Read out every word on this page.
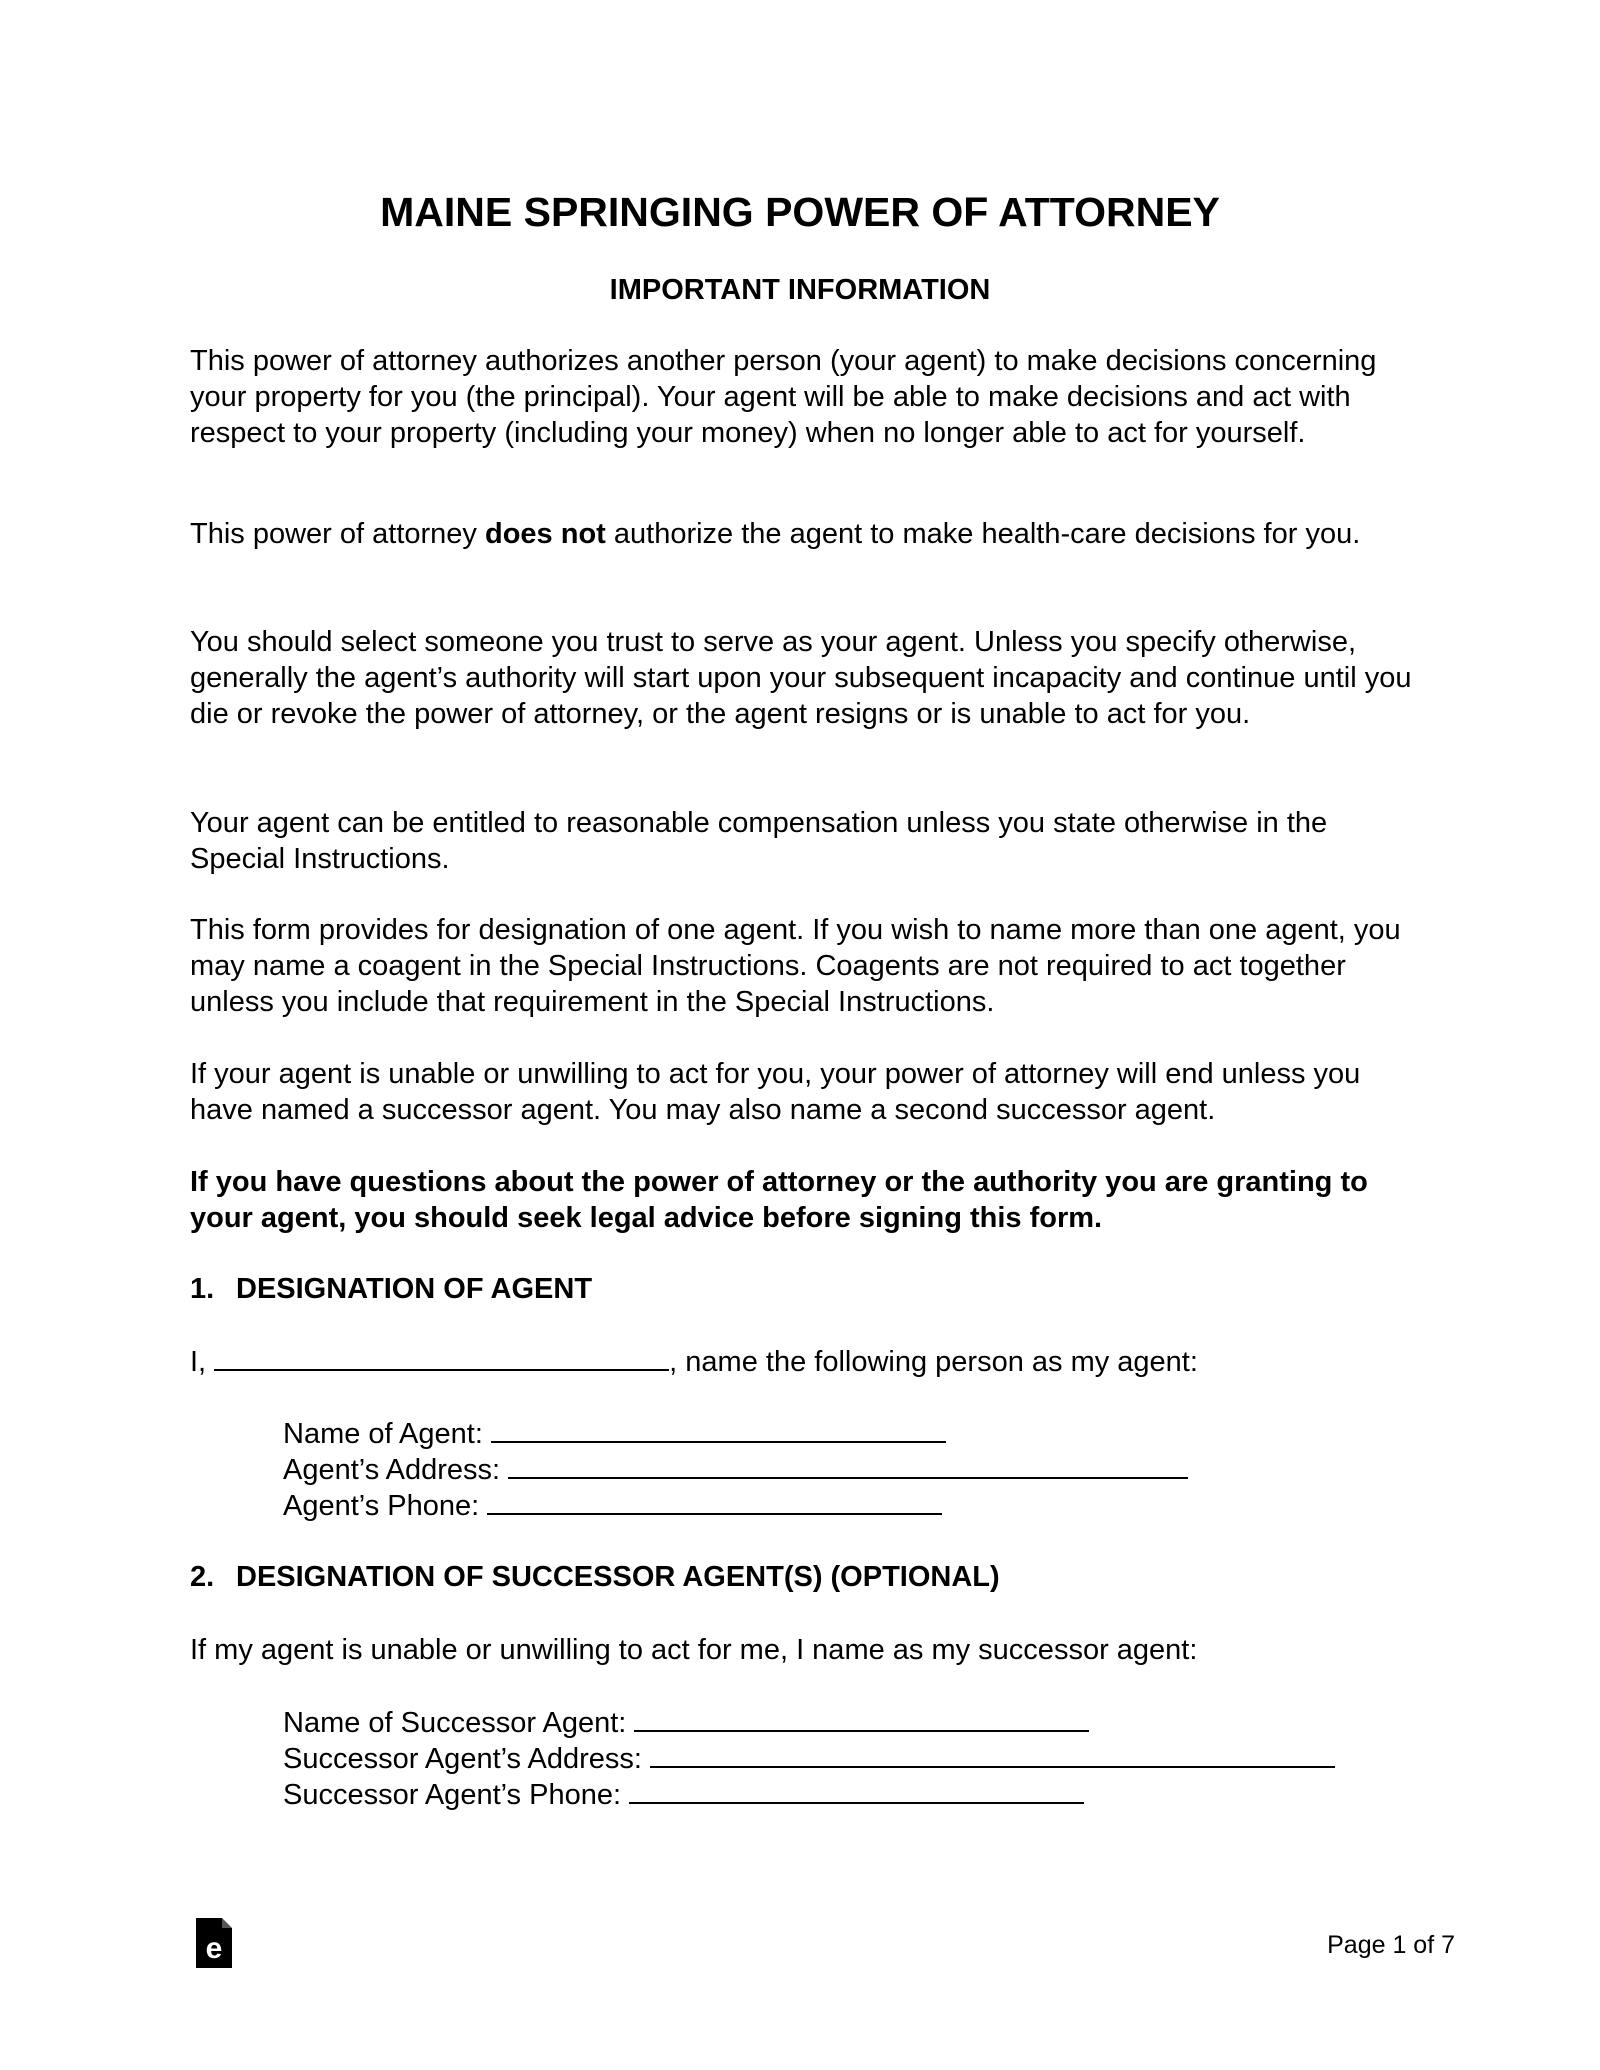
MAINE SPRINGING POWER OF ATTORNEY
IMPORTANT INFORMATION

This power of attorney authorizes another person (your agent) to make decisions concerning your property for you (the principal). Your agent will be able to make decisions and act with respect to your property (including your money) when no longer able to act for yourself.

This power of attorney does not authorize the agent to make health-care decisions for you.

You should select someone you trust to serve as your agent. Unless you specify otherwise, generally the agent’s authority will start upon your subsequent incapacity and continue until you die or revoke the power of attorney, or the agent resigns or is unable to act for you.

Your agent can be entitled to reasonable compensation unless you state otherwise in the Special Instructions.

This form provides for designation of one agent. If you wish to name more than one agent, you may name a coagent in the Special Instructions. Coagents are not required to act together unless you include that requirement in the Special Instructions.

If your agent is unable or unwilling to act for you, your power of attorney will end unless you have named a successor agent. You may also name a second successor agent.

If you have questions about the power of attorney or the authority you are granting to your agent, you should seek legal advice before signing this form.

1. DESIGNATION OF AGENT

I,	, name the following person as my agent:

Name of Agent:

Agent’s Address:

Agent’s Phone:

2. DESIGNATION OF SUCCESSOR AGENT(S) (OPTIONAL)

If my agent is unable or unwilling to act for me, I name as my successor agent:

Name of Successor Agent:

Successor Agent’s Address:

Successor Agent’s Phone:

e	Page 1 of 7
